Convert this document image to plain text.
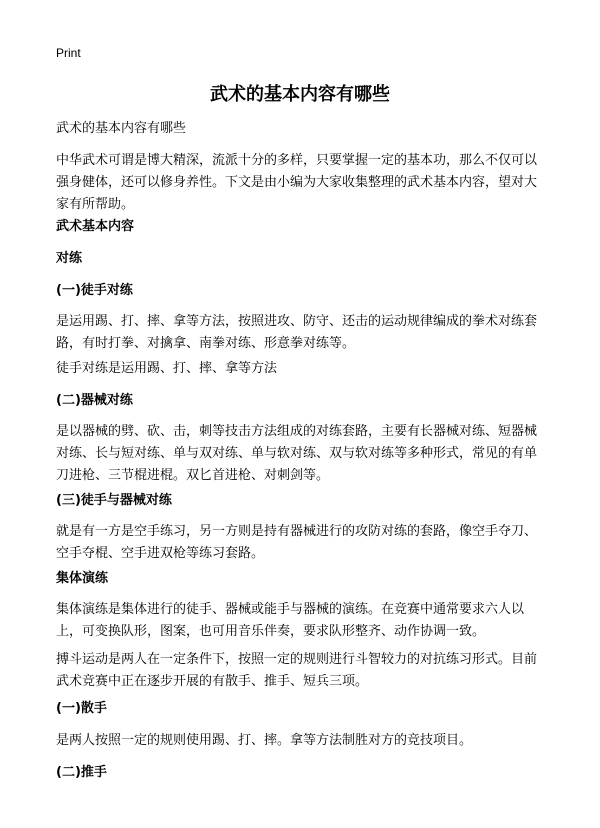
Print
武术的基本内容有哪些

武术的基本内容有哪些

中华武术可谓是博大精深，流派十分的多样，只要掌握一定的基本功，那么不仅可以强身健体，还可以修身养性。下文是由小编为大家收集整理的武术基本内容，望对大家有所帮助。

武术基本内容

对练

(一)徒手对练

是运用踢、打、摔、拿等方法，按照进攻、防守、还击的运动规律编成的拳术对练套路，有时打拳、对擒拿、南拳对练、形意拳对练等。

徒手对练是运用踢、打、摔、拿等方法

(二)器械对练

是以器械的劈、砍、击，刺等技击方法组成的对练套路，主要有长器械对练、短器械对练、长与短对练、单与双对练、单与软对练、双与软对练等多种形式，常见的有单刀进枪、三节棍进棍。双匕首进枪、对刺剑等。

(三)徒手与器械对练

就是有一方是空手练习，另一方则是持有器械进行的攻防对练的套路，像空手夺刀、空手夺棍、空手进双枪等练习套路。

集体演练

集体演练是集体进行的徒手、器械或能手与器械的演练。在竞赛中通常要求六人以上，可变换队形，图案，也可用音乐伴奏，要求队形整齐、动作协调一致。

搏斗运动是两人在一定条件下，按照一定的规则进行斗智较力的对抗练习形式。目前武术竞赛中正在逐步开展的有散手、推手、短兵三项。

(一)散手

是两人按照一定的规则使用踢、打、摔。拿等方法制胜对方的竞技项目。

(二)推手
